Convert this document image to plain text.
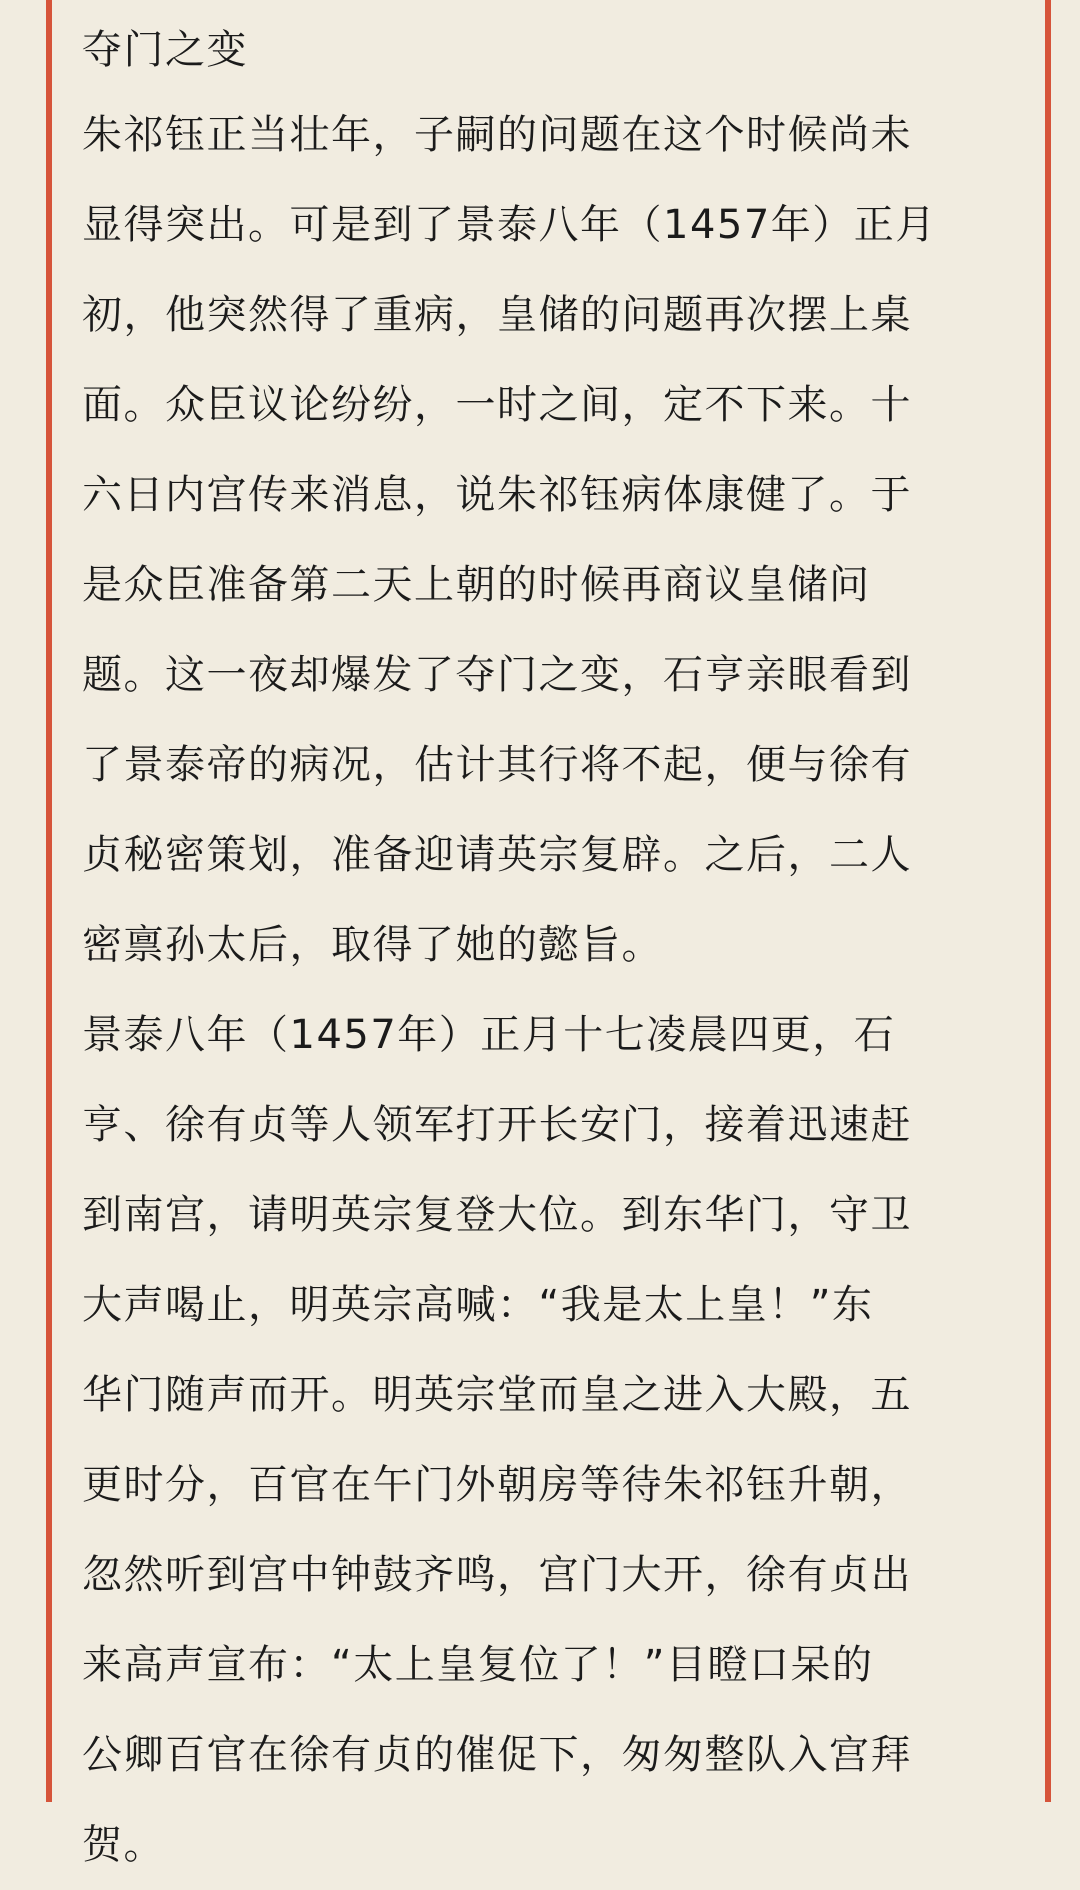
夺门之变

朱祁钰正当壮年，子嗣的问题在这个时候尚未
显得突出。可是到了景泰八年（1457年）正月
初，他突然得了重病，皇储的问题再次摆上桌
面。众臣议论纷纷，一时之间，定不下来。十
六日内宫传来消息，说朱祁钰病体康健了。于
是众臣准备第二天上朝的时候再商议皇储问
题。这一夜却爆发了夺门之变，石亨亲眼看到
了景泰帝的病况，估计其行将不起，便与徐有
贞秘密策划，准备迎请英宗复辟。之后，二人
密禀孙太后，取得了她的懿旨。

景泰八年（1457年）正月十七凌晨四更，石
亨、徐有贞等人领军打开长安门，接着迅速赶
到南宫，请明英宗复登大位。到东华门，守卫
大声喝止，明英宗高喊：“我是太上皇！”东
华门随声而开。明英宗堂而皇之进入大殿，五
更时分，百官在午门外朝房等待朱祁钰升朝，
忽然听到宫中钟鼓齐鸣，宫门大开，徐有贞出
来高声宣布：“太上皇复位了！”目瞪口呆的
公卿百官在徐有贞的催促下，匆匆整队入宫拜
贺。
